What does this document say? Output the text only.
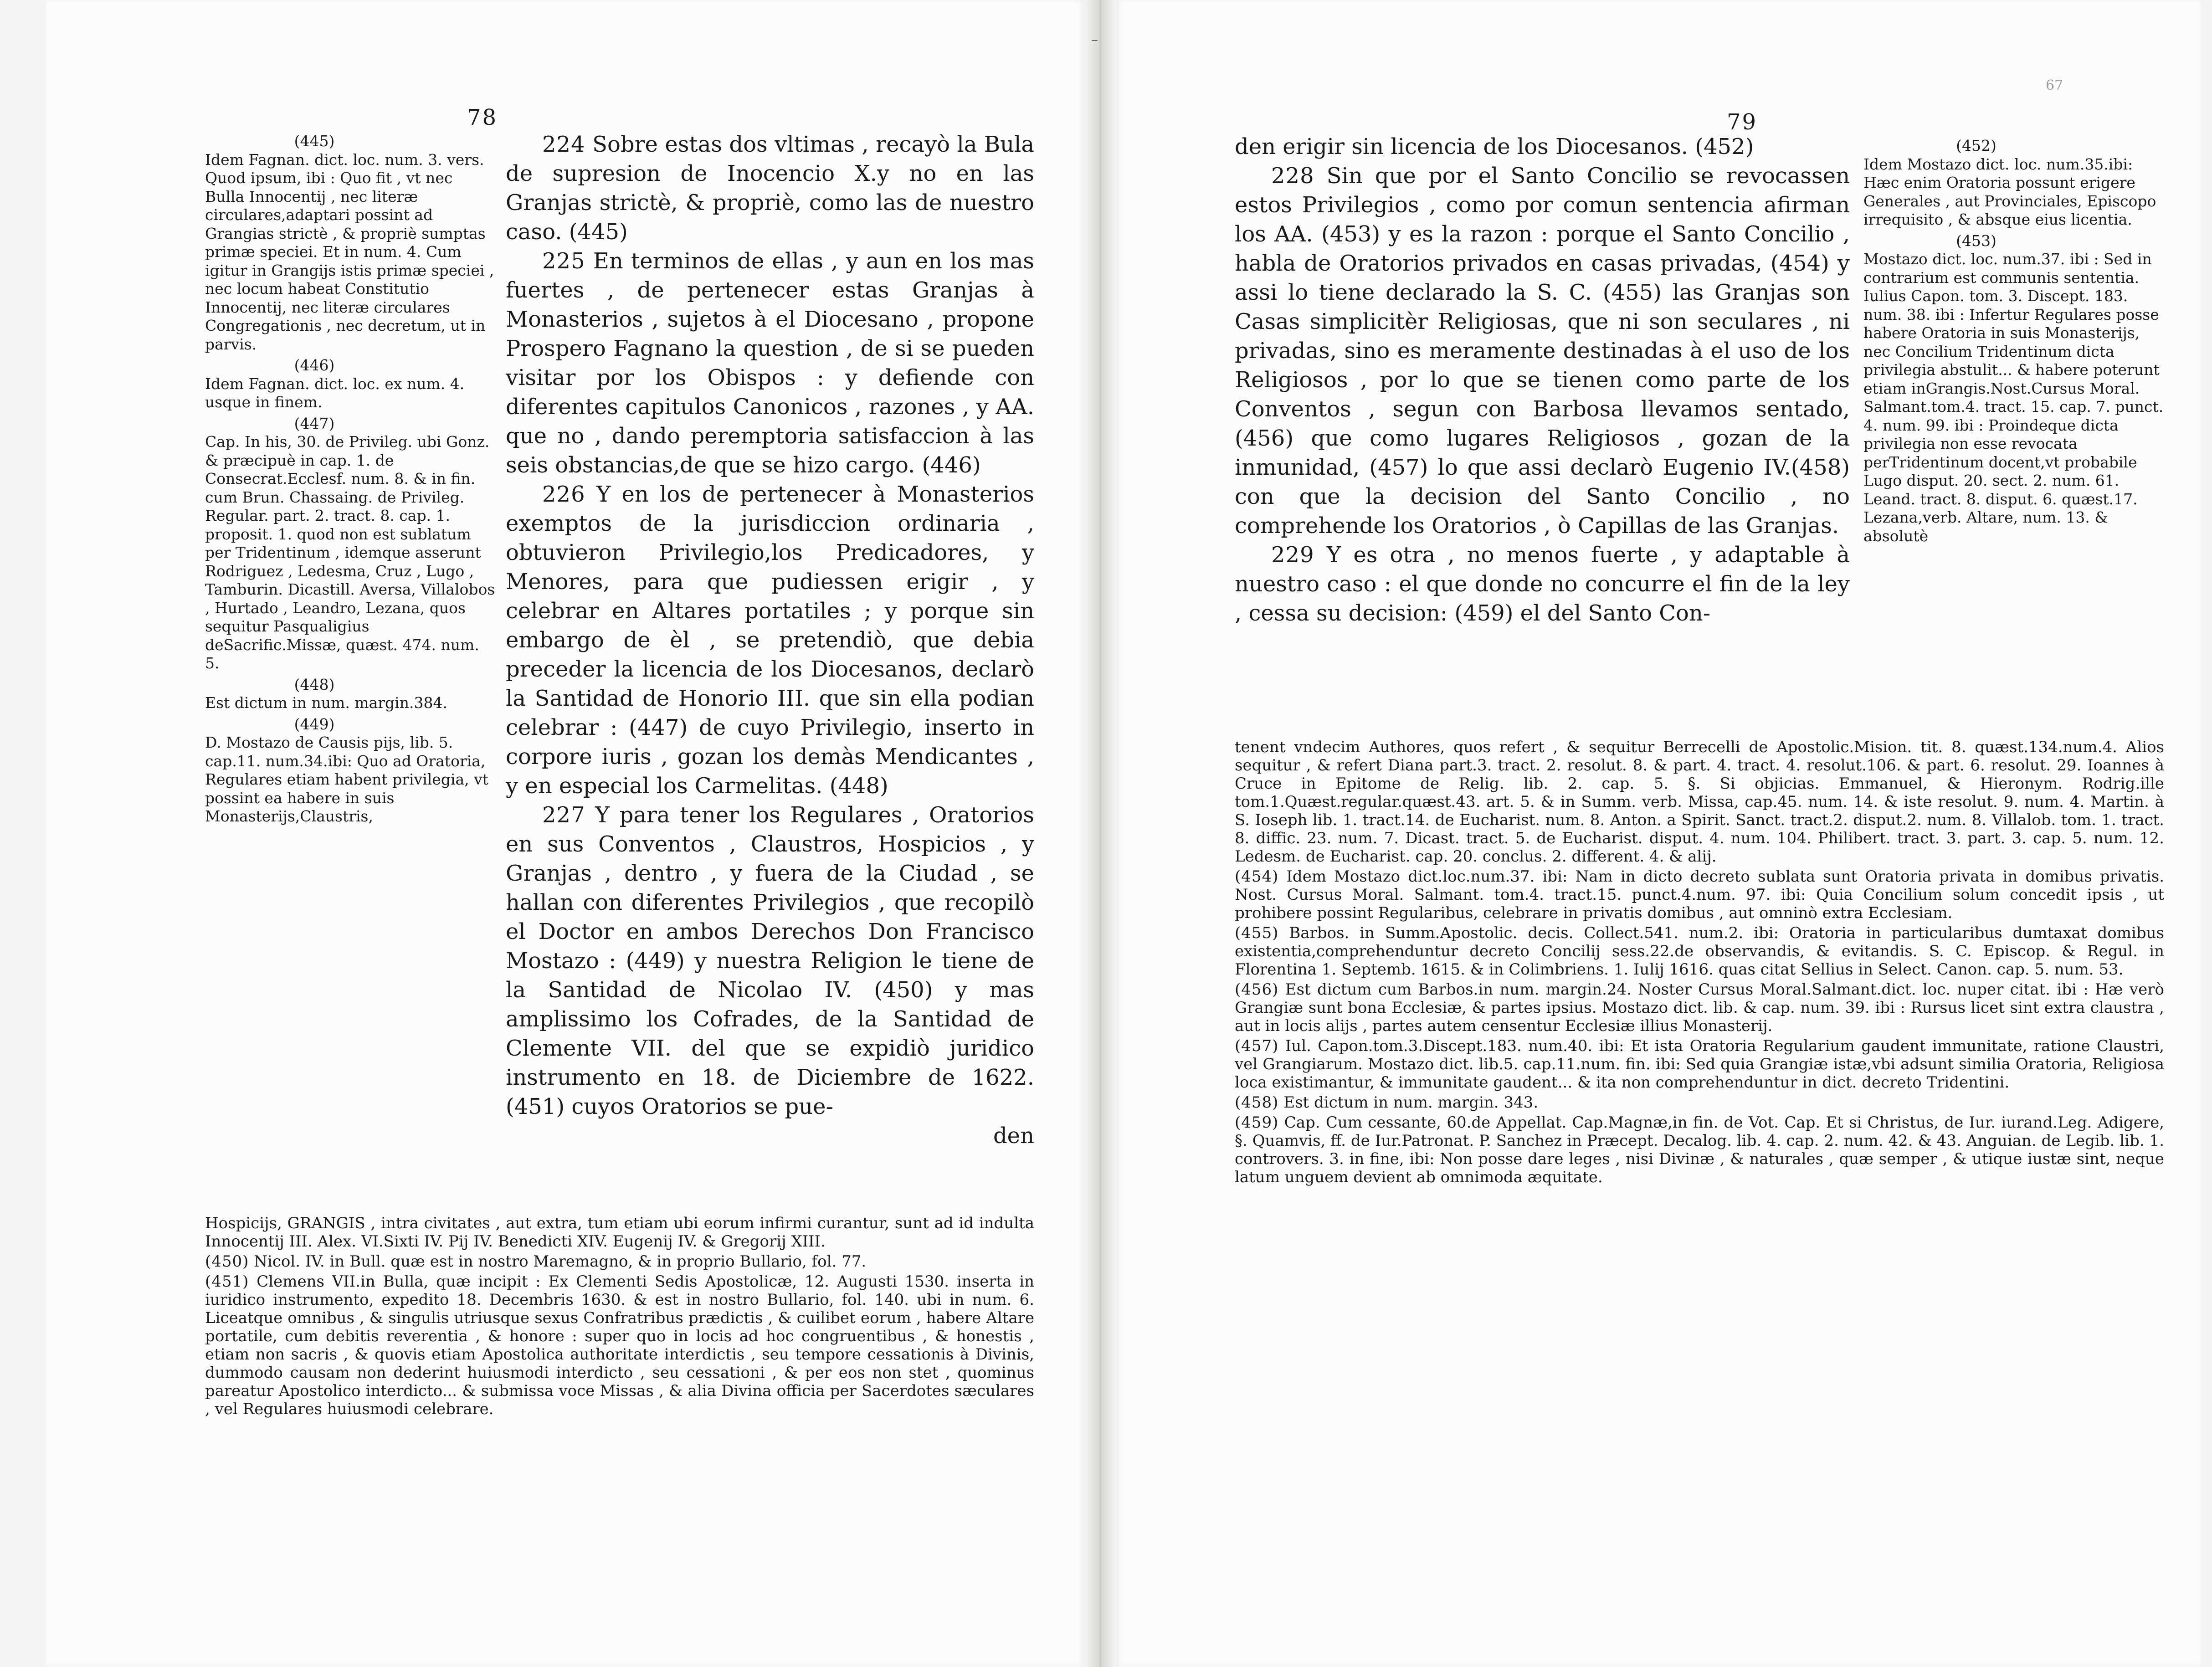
–
78

(445)
Idem Fagnan. dict. loc. num. 3. vers. Quod ipsum, ibi : Quo fit , vt nec Bulla Innocentij , nec literæ circulares,adaptari possint ad Grangias strictè , & propriè sumptas primæ speciei. Et in num. 4. Cum igitur in Grangijs istis primæ speciei , nec locum habeat Constitutio Innocentij, nec literæ circulares Congregationis , nec decretum, ut in parvis.

(446)
Idem Fagnan. dict. loc. ex num. 4. usque in finem.

(447)
Cap. In his, 30. de Privileg. ubi Gonz. & præcipuè in cap. 1. de Consecrat.Ecclesf. num. 8. & in fin. cum Brun. Chassaing. de Privileg. Regular. part. 2. tract. 8. cap. 1. proposit. 1. quod non est sublatum per Tridentinum , idemque asserunt Rodriguez , Ledesma, Cruz , Lugo , Tamburin. Dicastill. Aversa, Villalobos , Hurtado , Leandro, Lezana, quos sequitur Pasqualigius deSacrific.Missæ, quæst. 474. num. 5.

(448)
Est dictum in num. margin.384.

(449)
D. Mostazo de Causis pijs, lib. 5. cap.11. num.34.ibi: Quo ad Oratoria, Regulares etiam habent privilegia, vt possint ea habere in suis Monasterijs,Claustris,

224 Sobre estas dos vltimas , recayò la Bula de supresion de Inocencio X.y no en las Granjas strictè, & propriè, como las de nuestro caso. (445)

225 En terminos de ellas , y aun en los mas fuertes , de pertenecer estas Granjas à Monasterios , sujetos à el Diocesano , propone Prospero Fagnano la question , de si se pueden visitar por los Obispos : y defiende con diferentes capitulos Canonicos , razones , y AA. que no , dando peremptoria satisfaccion à las seis obstancias,de que se hizo cargo. (446)

226 Y en los de pertenecer à Monasterios exemptos de la jurisdiccion ordinaria , obtuvieron Privilegio,los Predicadores, y Menores, para que pudiessen erigir , y celebrar en Altares portatiles ; y porque sin embargo de èl , se pretendiò, que debia preceder la licencia de los Diocesanos, declarò la Santidad de Honorio III. que sin ella podian celebrar : (447) de cuyo Privilegio, inserto in corpore iuris , gozan los demàs Mendicantes , y en especial los Carmelitas. (448)

227 Y para tener los Regulares , Oratorios en sus Conventos , Claustros, Hospicios , y Granjas , dentro , y fuera de la Ciudad , se hallan con diferentes Privilegios , que recopilò el Doctor en ambos Derechos Don Francisco Mostazo : (449) y nuestra Religion le tiene de la Santidad de Nicolao IV. (450) y mas amplissimo los Cofrades, de la Santidad de Clemente VII. del que se expidiò juridico instrumento en 18. de Diciembre de 1622. (451) cuyos Oratorios se pue-

den

Hospicijs, GRANGIS , intra civitates , aut extra, tum etiam ubi eorum infirmi curantur, sunt ad id indulta Innocentij III. Alex. VI.Sixti IV. Pij IV. Benedicti XIV. Eugenij IV. & Gregorij XIII.

(450) Nicol. IV. in Bull. quæ est in nostro Maremagno, & in proprio Bullario, fol. 77.

(451) Clemens VII.in Bulla, quæ incipit : Ex Clementi Sedis Apostolicæ, 12. Augusti 1530. inserta in iuridico instrumento, expedito 18. Decembris 1630. & est in nostro Bullario, fol. 140. ubi in num. 6. Liceatque omnibus , & singulis utriusque sexus Confratribus prædictis , & cuilibet eorum , habere Altare portatile, cum debitis reverentia , & honore : super quo in locis ad hoc congruentibus , & honestis , etiam non sacris , & quovis etiam Apostolica authoritate interdictis , seu tempore cessationis à Divinis, dummodo causam non dederint huiusmodi interdicto , seu cessationi , & per eos non stet , quominus pareatur Apostolico interdicto... & submissa voce Missas , & alia Divina officia per Sacerdotes sæculares , vel Regulares huiusmodi celebrare.

67
79

den erigir sin licencia de los Diocesanos. (452)

228 Sin que por el Santo Concilio se revocassen estos Privilegios , como por comun sentencia afirman los AA. (453) y es la razon : porque el Santo Concilio , habla de Oratorios privados en casas privadas, (454) y assi lo tiene declarado la S. C. (455) las Granjas son Casas simplicitèr Religiosas, que ni son seculares , ni privadas, sino es meramente destinadas à el uso de los Religiosos , por lo que se tienen como parte de los Conventos , segun con Barbosa llevamos sentado, (456) que como lugares Religiosos , gozan de la inmunidad, (457) lo que assi declarò Eugenio IV.(458) con que la decision del Santo Concilio , no comprehende los Oratorios , ò Capillas de las Granjas.

229 Y es otra , no menos fuerte , y adaptable à nuestro caso : el que donde no concurre el fin de la ley , cessa su decision: (459) el del Santo Con-

(452)
Idem Mostazo dict. loc. num.35.ibi: Hæc enim Oratoria possunt erigere Generales , aut Provinciales, Episcopo irrequisito , & absque eius licentia.

(453)
Mostazo dict. loc. num.37. ibi : Sed in contrarium est communis sententia. Iulius Capon. tom. 3. Discept. 183. num. 38. ibi : Infertur Regulares posse habere Oratoria in suis Monasterijs, nec Concilium Tridentinum dicta privilegia abstulit... & habere poterunt etiam inGrangis.Nost.Cursus Moral. Salmant.tom.4. tract. 15. cap. 7. punct. 4. num. 99. ibi : Proindeque dicta privilegia non esse revocata perTridentinum docent,vt probabile Lugo disput. 20. sect. 2. num. 61. Leand. tract. 8. disput. 6. quæst.17. Lezana,verb. Altare, num. 13. & absolutè

tenent vndecim Authores, quos refert , & sequitur Berrecelli de Apostolic.Mision. tit. 8. quæst.134.num.4. Alios sequitur , & refert Diana part.3. tract. 2. resolut. 8. & part. 4. tract. 4. resolut.106. & part. 6. resolut. 29. Ioannes à Cruce in Epitome de Relig. lib. 2. cap. 5. §. Si objicias. Emmanuel, & Hieronym. Rodrig.ille tom.1.Quæst.regular.quæst.43. art. 5. & in Summ. verb. Missa, cap.45. num. 14. & iste resolut. 9. num. 4. Martin. à S. Ioseph lib. 1. tract.14. de Eucharist. num. 8. Anton. a Spirit. Sanct. tract.2. disput.2. num. 8. Villalob. tom. 1. tract. 8. diffic. 23. num. 7. Dicast. tract. 5. de Eucharist. disput. 4. num. 104. Philibert. tract. 3. part. 3. cap. 5. num. 12. Ledesm. de Eucharist. cap. 20. conclus. 2. different. 4. & alij.

(454) Idem Mostazo dict.loc.num.37. ibi: Nam in dicto decreto sublata sunt Oratoria privata in domibus privatis. Nost. Cursus Moral. Salmant. tom.4. tract.15. punct.4.num. 97. ibi: Quia Concilium solum concedit ipsis , ut prohibere possint Regularibus, celebrare in privatis domibus , aut omninò extra Ecclesiam.

(455) Barbos. in Summ.Apostolic. decis. Collect.541. num.2. ibi: Oratoria in particularibus dumtaxat domibus existentia,comprehenduntur decreto Concilij sess.22.de observandis, & evitandis. S. C. Episcop. & Regul. in Florentina 1. Septemb. 1615. & in Colimbriens. 1. Iulij 1616. quas citat Sellius in Select. Canon. cap. 5. num. 53.

(456) Est dictum cum Barbos.in num. margin.24. Noster Cursus Moral.Salmant.dict. loc. nuper citat. ibi : Hæ verò Grangiæ sunt bona Ecclesiæ, & partes ipsius. Mostazo dict. lib. & cap. num. 39. ibi : Rursus licet sint extra claustra , aut in locis alijs , partes autem censentur Ecclesiæ illius Monasterij.

(457) Iul. Capon.tom.3.Discept.183. num.40. ibi: Et ista Oratoria Regularium gaudent immunitate, ratione Claustri, vel Grangiarum. Mostazo dict. lib.5. cap.11.num. fin. ibi: Sed quia Grangiæ istæ,vbi adsunt similia Oratoria, Religiosa loca existimantur, & immunitate gaudent... & ita non comprehenduntur in dict. decreto Tridentini.

(458) Est dictum in num. margin. 343.

(459) Cap. Cum cessante, 60.de Appellat. Cap.Magnæ,in fin. de Vot. Cap. Et si Christus, de Iur. iurand.Leg. Adigere, §. Quamvis, ff. de Iur.Patronat. P. Sanchez in Præcept. Decalog. lib. 4. cap. 2. num. 42. & 43. Anguian. de Legib. lib. 1. controvers. 3. in fine, ibi: Non posse dare leges , nisi Divinæ , & naturales , quæ semper , & utique iustæ sint, neque latum unguem devient ab omnimoda æquitate.
